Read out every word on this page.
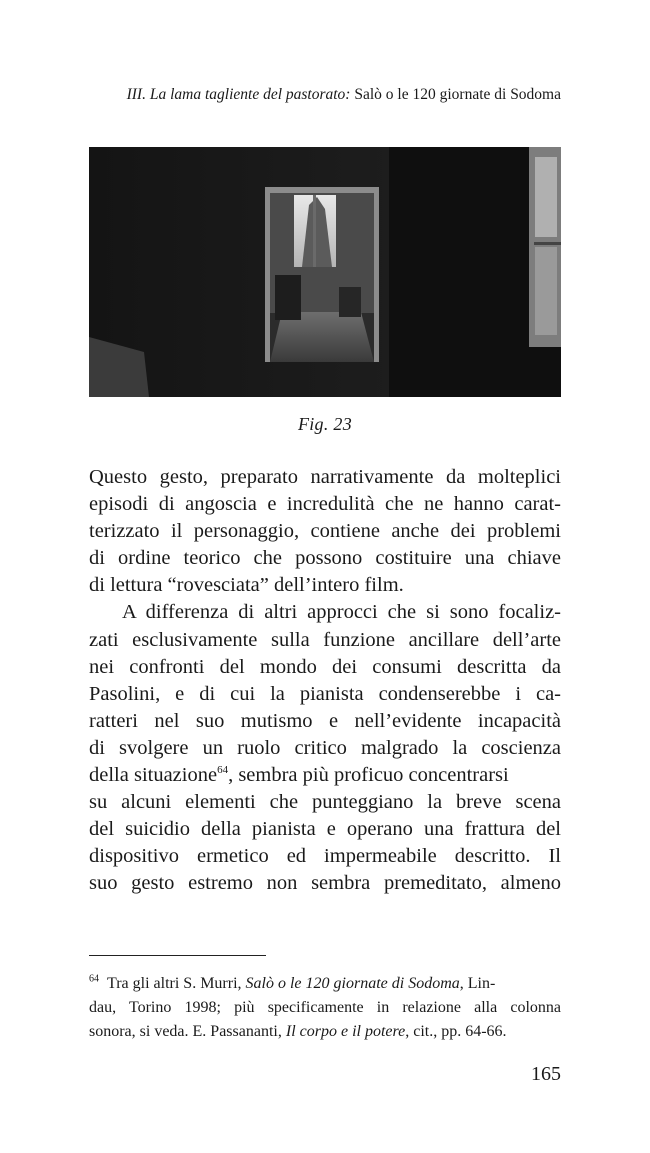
III. La lama tagliente del pastorato: Salò o le 120 giornate di Sodoma
Fig. 23
Questo gesto, preparato narrativamente da molteplici
episodi di angoscia e incredulità che ne hanno carat-
terizzato il personaggio, contiene anche dei problemi
di ordine teorico che possono costituire una chiave
di lettura “rovesciata” dell’intero film.
A differenza di altri approcci che si sono focaliz-
zati esclusivamente sulla funzione ancillare dell’arte
nei confronti del mondo dei consumi descritta da
Pasolini, e di cui la pianista condenserebbe i ca-
ratteri nel suo mutismo e nell’evidente incapacità
di svolgere un ruolo critico malgrado la coscienza
della situazione$^{64}$, sembra più proficuo concentrarsi
su alcuni elementi che punteggiano la breve scena
del suicidio della pianista e operano una frattura del
dispositivo ermetico ed impermeabile descritto. Il
suo gesto estremo non sembra premeditato, almeno
$^{64}$ Tra gli altri S. Murri, Salò o le 120 giornate di Sodoma, Lin-
dau, Torino 1998; più specificamente in relazione alla colonna
sonora, si veda. E. Passananti, Il corpo e il potere, cit., pp. 64-66.
165
